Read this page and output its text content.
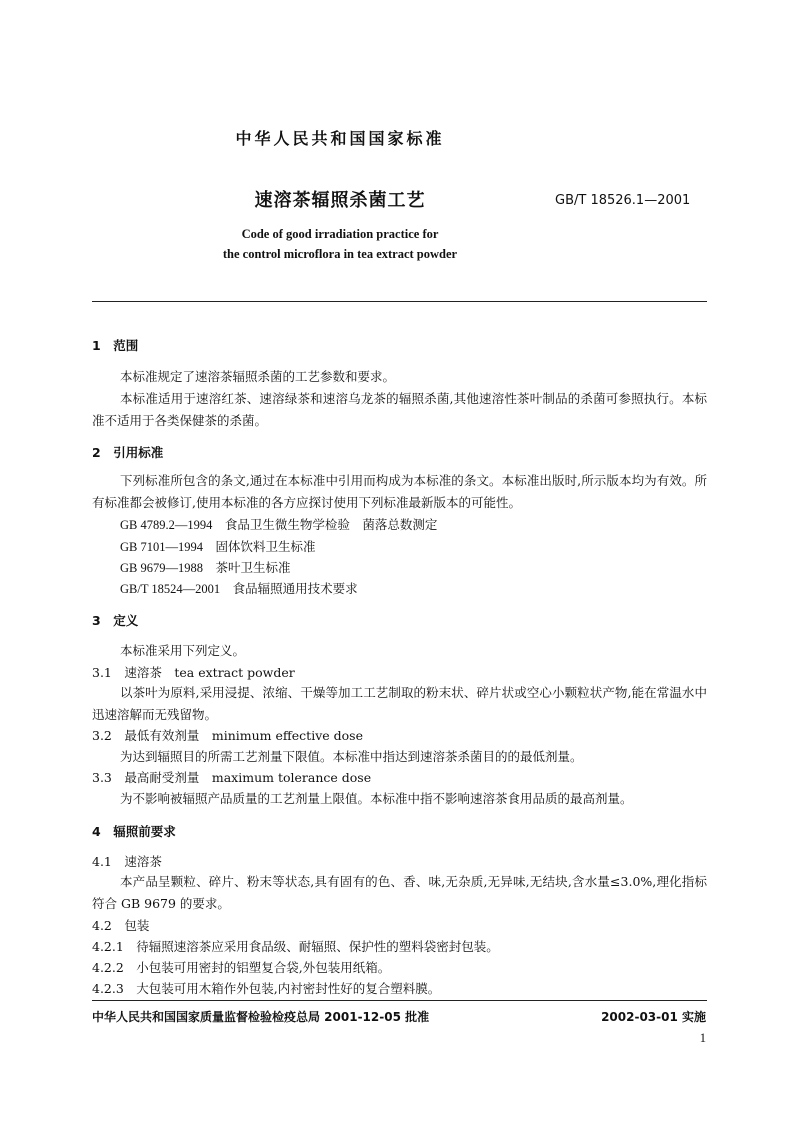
中华人民共和国国家标准
速溶茶辐照杀菌工艺	GB/T 18526.1—2001
Code of good irradiation practice for
the control microflora in tea extract powder
1　范围
本标准规定了速溶茶辐照杀菌的工艺参数和要求。
本标准适用于速溶红茶、速溶绿茶和速溶乌龙茶的辐照杀菌,其他速溶性茶叶制品的杀菌可参照执行。本标准不适用于各类保健茶的杀菌。
2　引用标准
下列标准所包含的条文,通过在本标准中引用而构成为本标准的条文。本标准出版时,所示版本均为有效。所有标准都会被修订,使用本标准的各方应探讨使用下列标准最新版本的可能性。
GB 4789.2—1994　食品卫生微生物学检验　菌落总数测定
GB 7101—1994　固体饮料卫生标准
GB 9679—1988　茶叶卫生标准
GB/T 18524—2001　食品辐照通用技术要求
3　定义
本标准采用下列定义。
3.1　速溶茶　tea extract powder
以茶叶为原料,采用浸提、浓缩、干燥等加工工艺制取的粉末状、碎片状或空心小颗粒状产物,能在常温水中迅速溶解而无残留物。
3.2　最低有效剂量　minimum effective dose
为达到辐照目的所需工艺剂量下限值。本标准中指达到速溶茶杀菌目的的最低剂量。
3.3　最高耐受剂量　maximum tolerance dose
为不影响被辐照产品质量的工艺剂量上限值。本标准中指不影响速溶茶食用品质的最高剂量。
4　辐照前要求
4.1　速溶茶
本产品呈颗粒、碎片、粉末等状态,具有固有的色、香、味,无杂质,无异味,无结块,含水量≤3.0%,理化指标符合 GB 9679 的要求。
4.2　包装
4.2.1　待辐照速溶茶应采用食品级、耐辐照、保护性的塑料袋密封包装。
4.2.2　小包装可用密封的铝塑复合袋,外包装用纸箱。
4.2.3　大包装可用木箱作外包装,内衬密封性好的复合塑料膜。
中华人民共和国国家质量监督检验检疫总局 2001-12-05 批准	2002-03-01 实施
1
